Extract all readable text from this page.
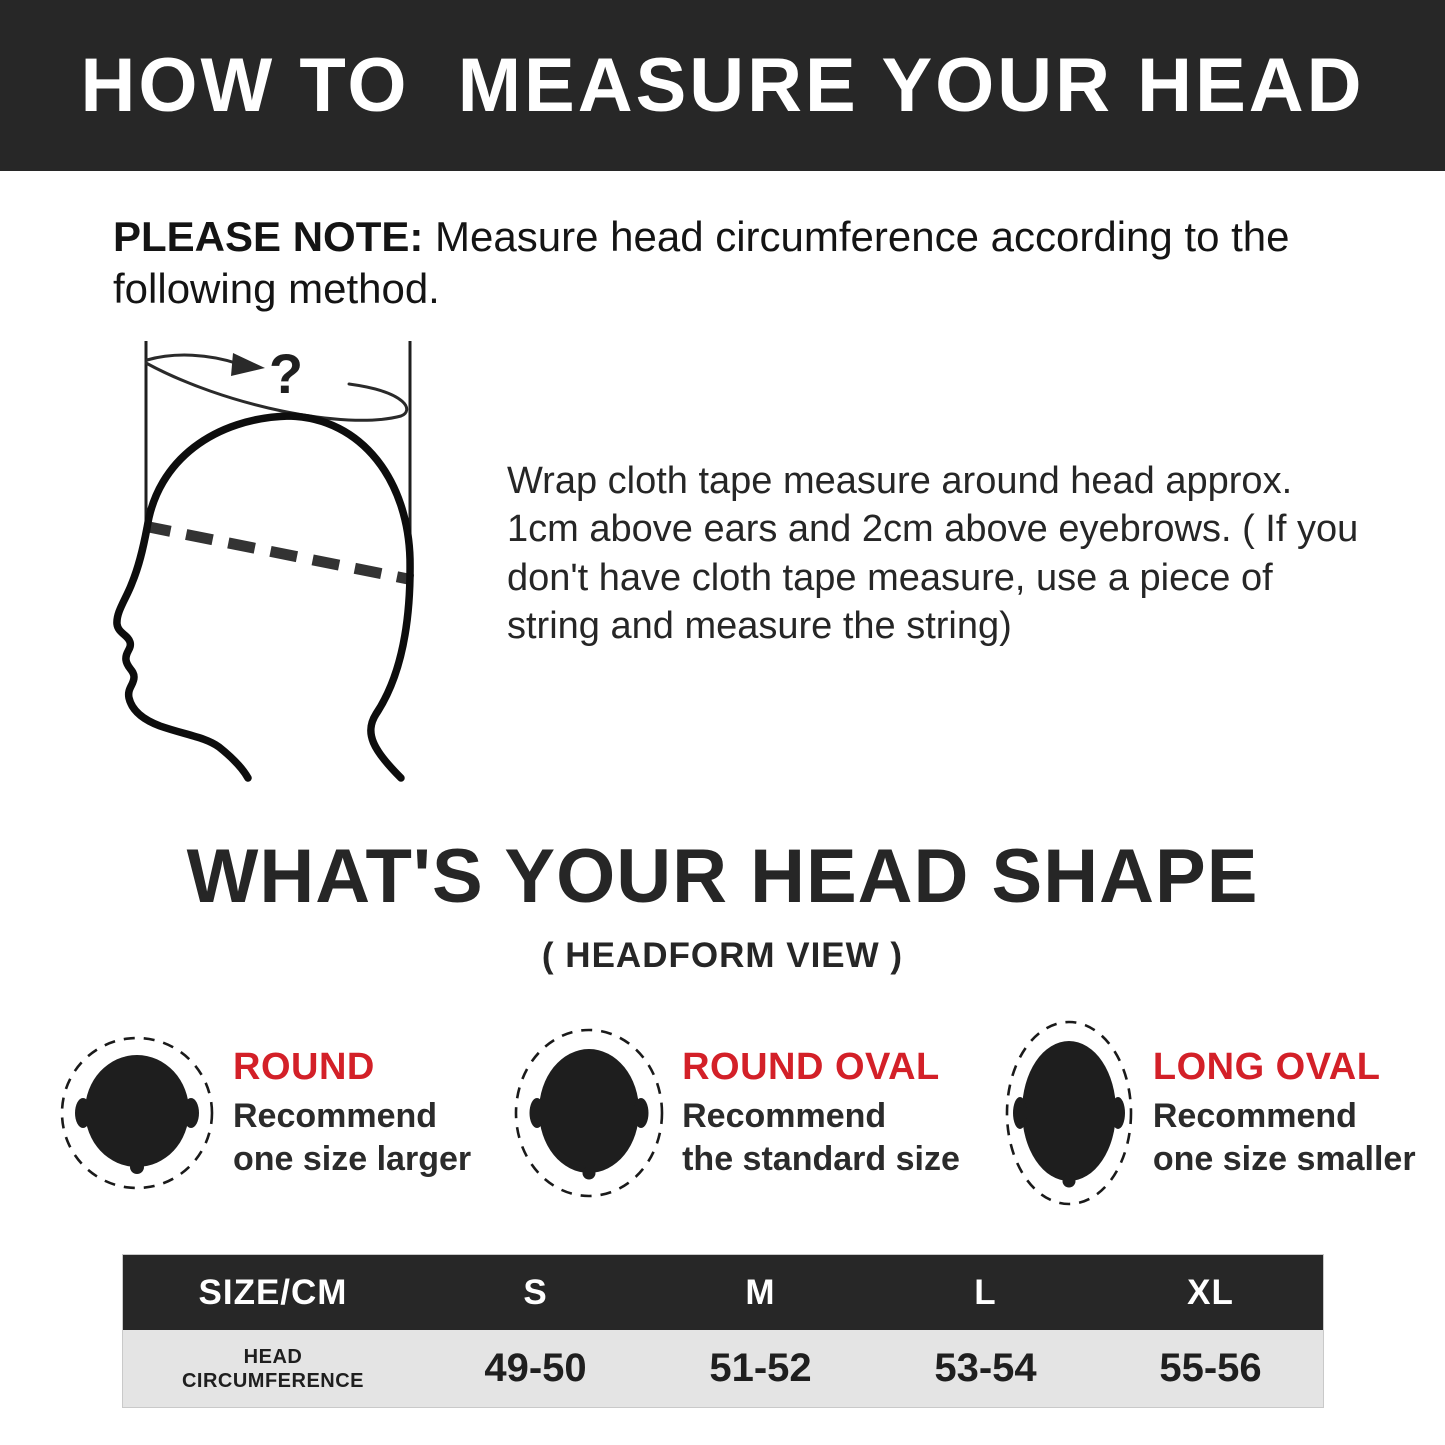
HOW TO  MEASURE YOUR HEAD

PLEASE NOTE: Measure head circumference according to the following method.

?

Wrap cloth tape measure around head approx. 1cm above ears and 2cm above eyebrows. ( If you don't have cloth tape measure, use a piece of string and measure the string)

WHAT'S YOUR HEAD SHAPE
( HEADFORM VIEW )
ROUND
Recommend
one size larger
ROUND OVAL
Recommend
the standard size
LONG OVAL
Recommend
one size smaller
SIZE/CM	S	M	L	XL
HEAD
CIRCUMFERENCE	49-50	51-52	53-54	55-56
